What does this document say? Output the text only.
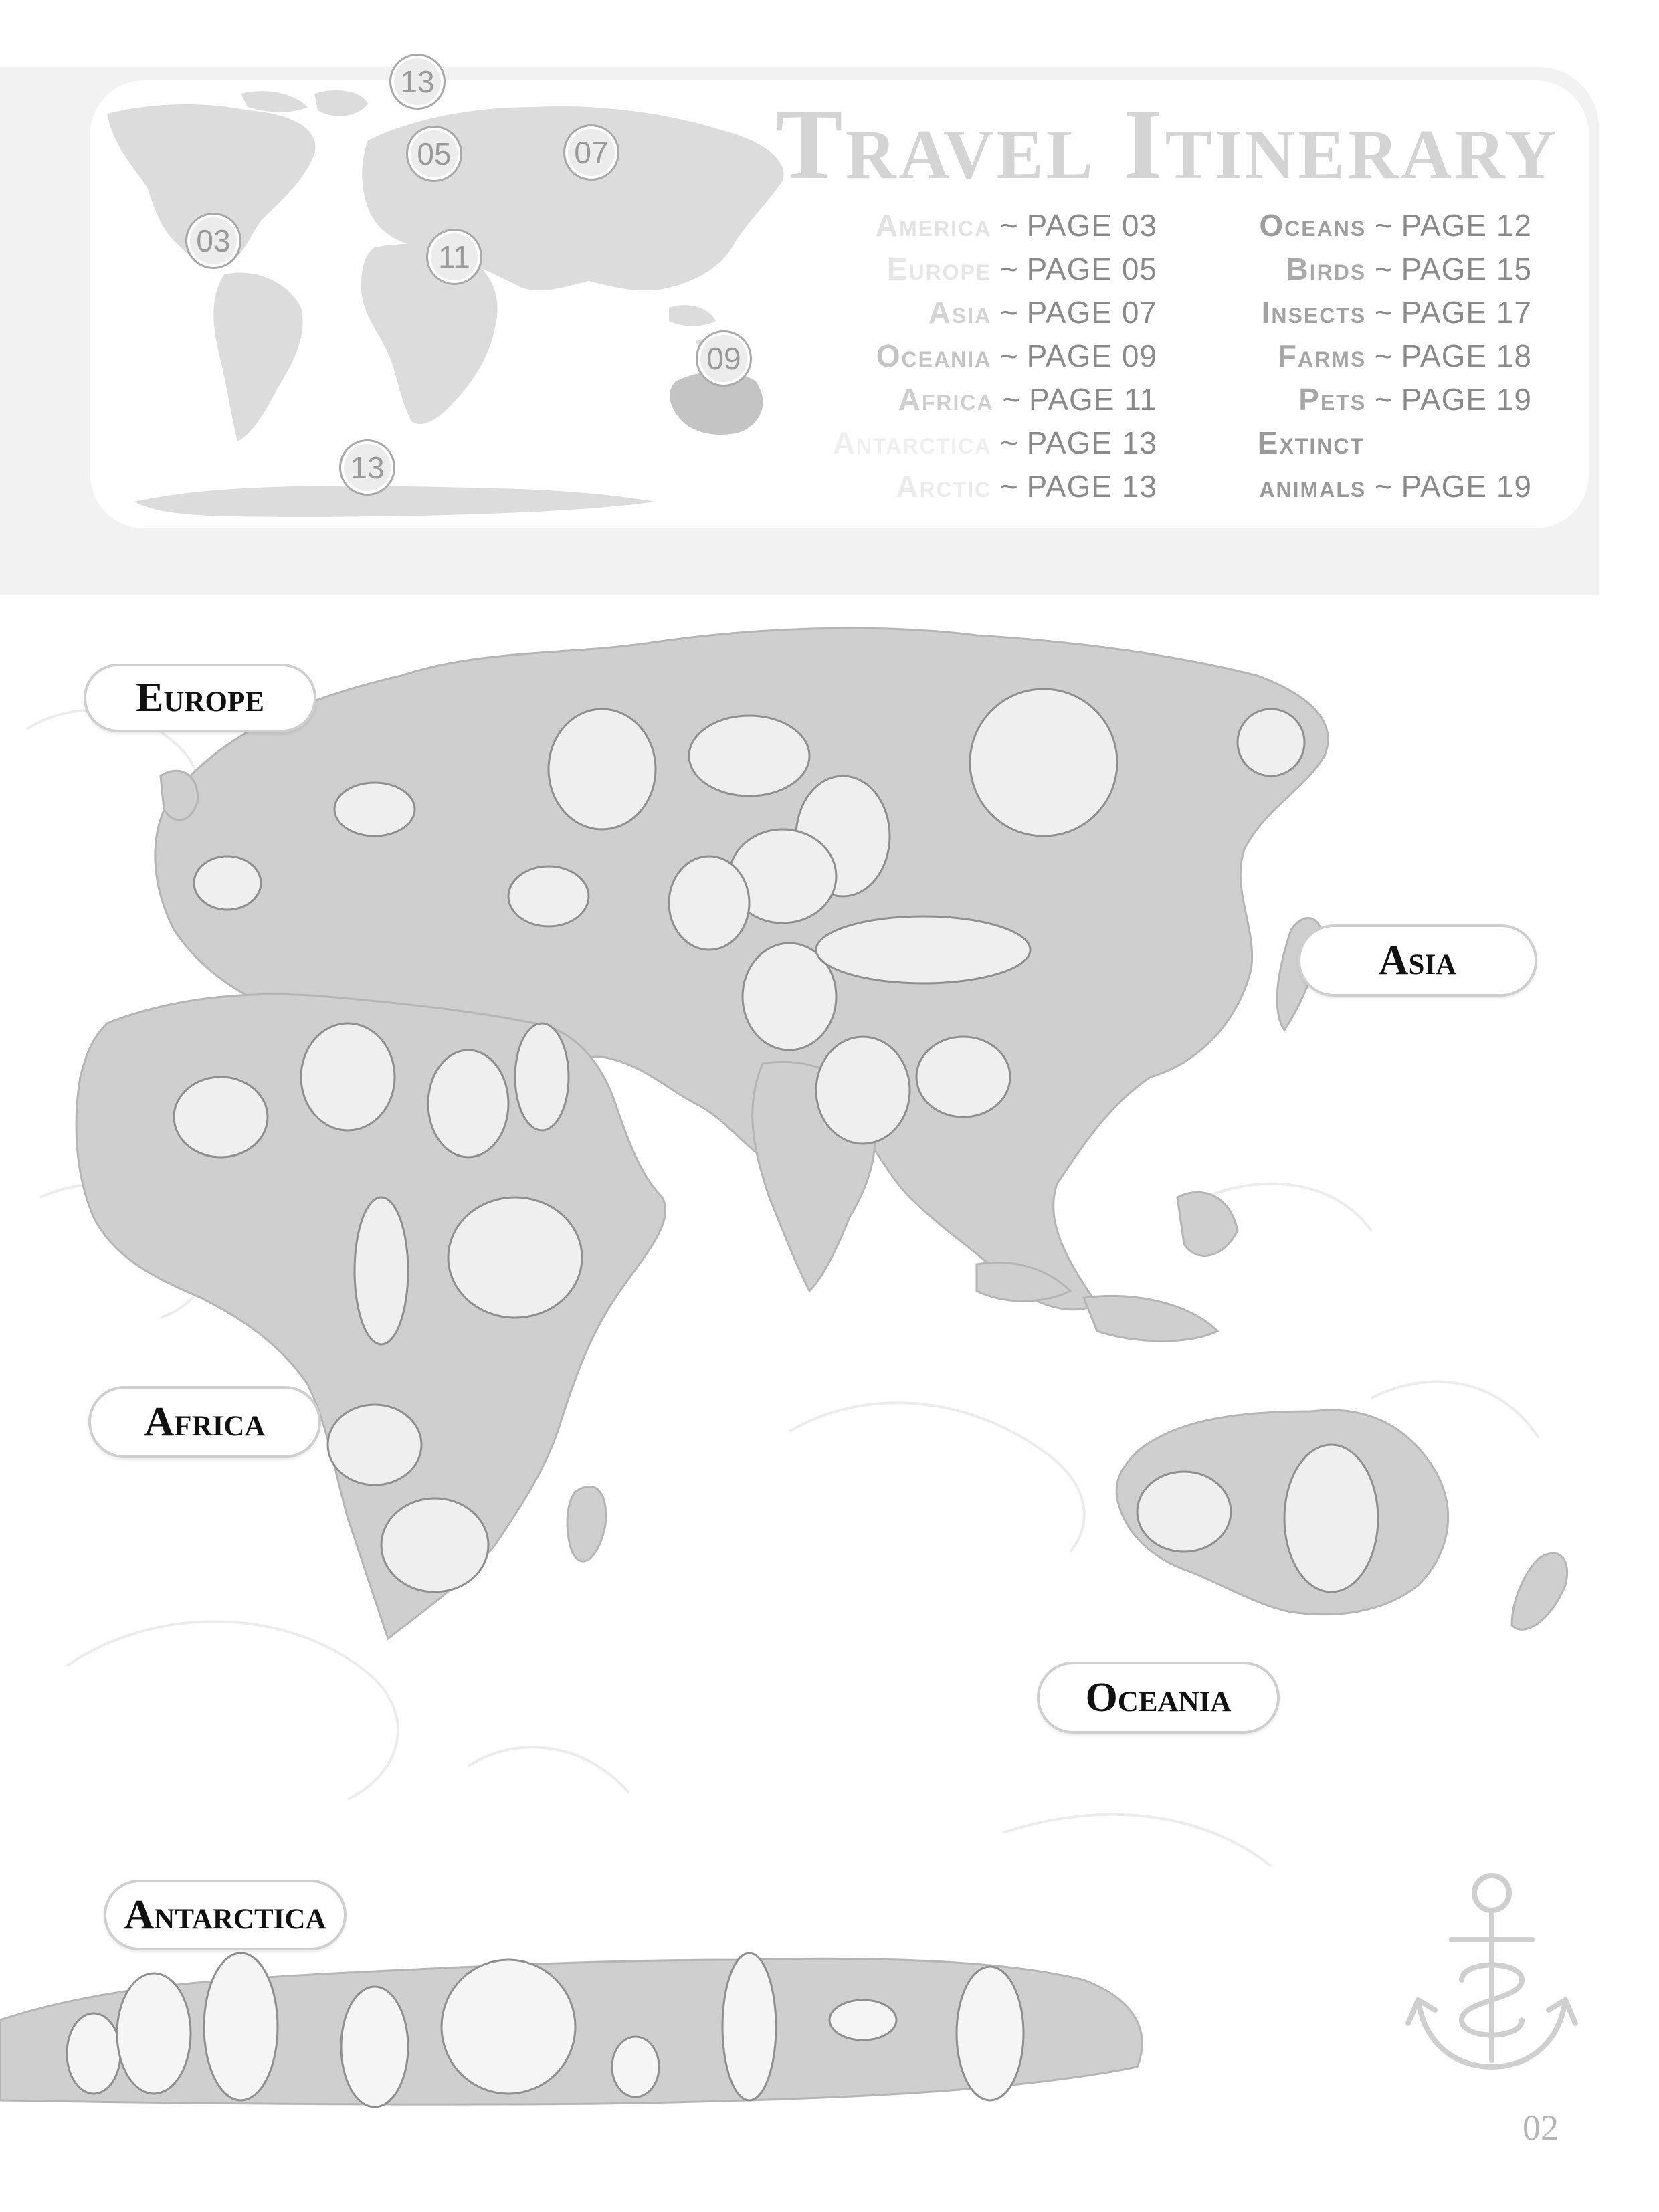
13
05	07
03	11
09
13
Travel Itinerary
America ~ PAGE 03
Europe ~ PAGE 05
Asia ~ PAGE 07
Oceania ~ PAGE 09
Africa ~ PAGE 11
Antarctica ~ PAGE 13
Arctic ~ PAGE 13
Oceans ~ PAGE 12
Birds ~ PAGE 15
Insects ~ PAGE 17
Farms ~ PAGE 18
Pets ~ PAGE 19
Extinct
animals ~ PAGE 19
Europe
Asia
Africa
Oceania
Antarctica
02
